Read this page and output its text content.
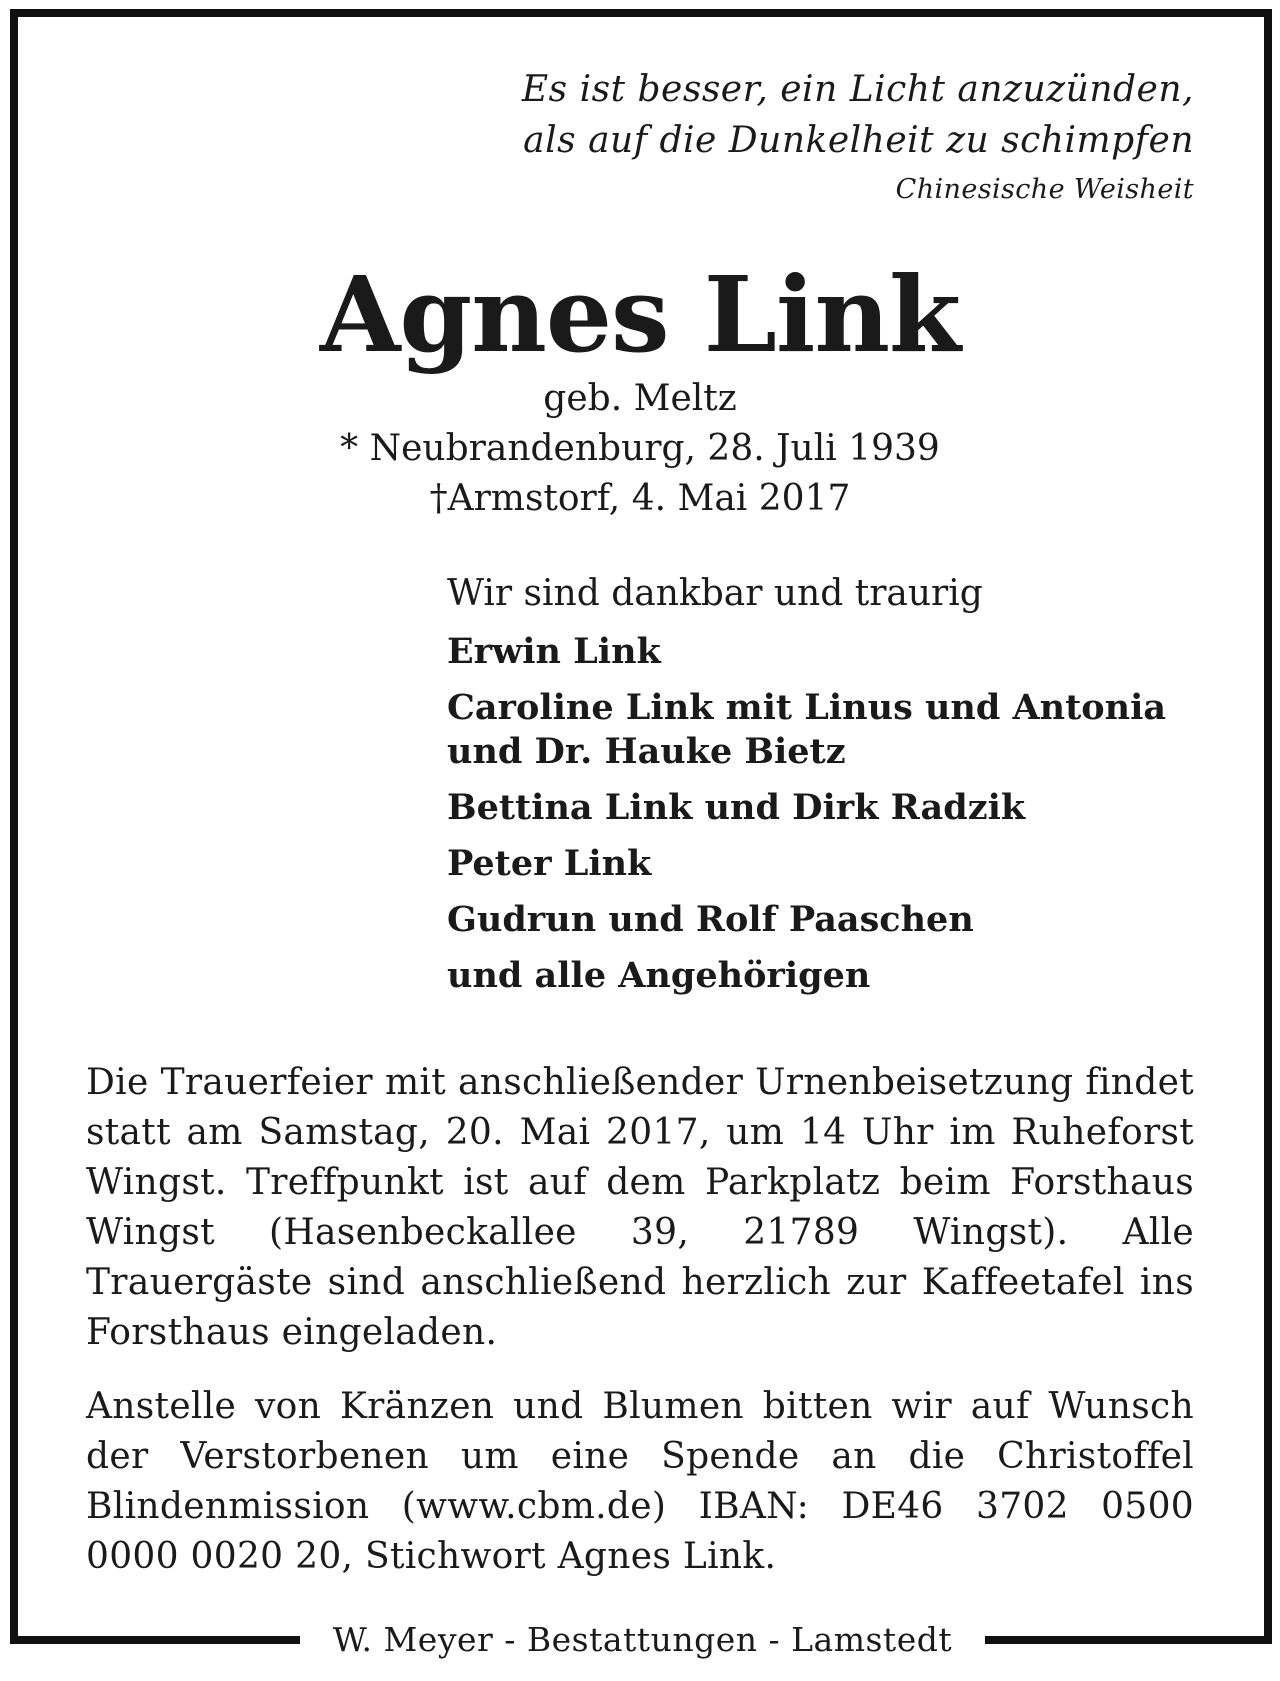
Es ist besser, ein Licht anzuzünden,
als auf die Dunkelheit zu schimpfen
Chinesische Weisheit
Agnes Link
geb. Meltz
* Neubrandenburg, 28. Juli 1939
†Armstorf, 4. Mai 2017
Wir sind dankbar und traurig
Erwin Link
Caroline Link mit Linus und Antonia und Dr. Hauke Bietz
Bettina Link und Dirk Radzik
Peter Link
Gudrun und Rolf Paaschen
und alle Angehörigen
Die Trauerfeier mit anschließender Urnenbeisetzung findet statt am Samstag, 20. Mai 2017, um 14 Uhr im Ruheforst Wingst. Treffpunkt ist auf dem Parkplatz beim Forsthaus Wingst (Hasenbeckallee 39, 21789 Wingst). Alle Trauergäste sind anschließend herzlich zur Kaffeetafel ins Forsthaus eingeladen.
Anstelle von Kränzen und Blumen bitten wir auf Wunsch der Verstorbenen um eine Spende an die Christoffel Blindenmission (www.cbm.de) IBAN: DE46 3702 0500 0000 0020 20, Stichwort Agnes Link.
W. Meyer - Bestattungen - Lamstedt
